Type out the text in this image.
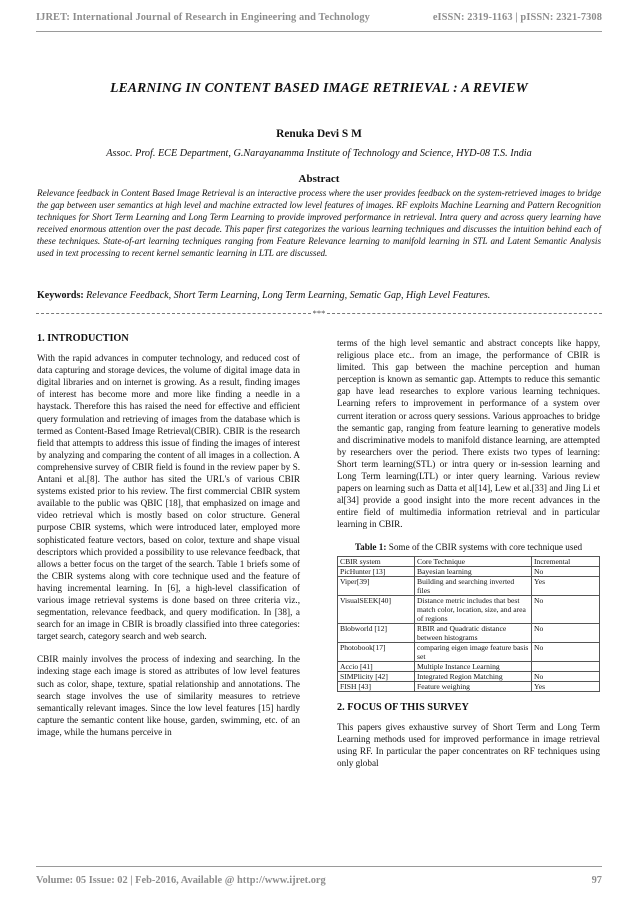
IJRET: International Journal of Research in Engineering and Technology	eISSN: 2319-1163 | pISSN: 2321-7308
LEARNING IN CONTENT BASED IMAGE RETRIEVAL : A REVIEW
Renuka Devi S M
Assoc. Prof. ECE Department, G.Narayanamma Institute of Technology and Science, HYD-08 T.S. India
Abstract
Relevance feedback in Content Based Image Retrieval is an interactive process where the user provides feedback on the system-retrieved images to bridge the gap between user semantics at high level and machine extracted low level features of images. RF exploits Machine Learning and Pattern Recognition techniques for Short Term Learning and Long Term Learning to provide improved performance in retrieval. Intra query and across query learning have received enormous attention over the past decade. This paper first categorizes the various learning techniques and discusses the intuition behind each of these techniques. State-of-art learning techniques ranging from Feature Relevance learning to manifold learning in STL and Latent Semantic Analysis used in text processing to recent kernel semantic learning in LTL are discussed.
Keywords: Relevance Feedback, Short Term Learning, Long Term Learning, Sematic Gap, High Level Features.
***
1. INTRODUCTION

With the rapid advances in computer technology, and reduced cost of data capturing and storage devices, the volume of digital image data in digital libraries and on internet is growing. As a result, finding images of interest has become more and more like finding a needle in a haystack. Therefore this has raised the need for effective and efficient query formulation and retrieving of images from the database which is termed as Content-Based Image Retrieval(CBIR). CBIR is the research field that attempts to address this issue of finding the images of interest by analyzing and comparing the content of all images in a collection. A comprehensive survey of CBIR field is found in the review paper by S. Antani et al.[8]. The author has sited the URL's of various CBIR systems existed prior to his review. The first commercial CBIR system available to the public was QBIC [18], that emphasized on image and video retrieval which is mostly based on color structure. General purpose CBIR systems, which were introduced later, employed more sophisticated feature vectors, based on color, texture and shape visual descriptors which provided a possibility to use relevance feedback, that allows a better focus on the target of the search. Table 1 briefs some of the CBIR systems along with core technique used and the feature of having incremental learning. In [6], a high-level classification of various image retrieval systems is done based on three criteria viz., segmentation, relevance feedback, and query modification. In [38], a search for an image in CBIR is broadly classified into three categories: target search, category search and web search.

CBIR mainly involves the process of indexing and searching. In the indexing stage each image is stored as attributes of low level features such as color, shape, texture, spatial relationship and annotations. The search stage involves the use of similarity measures to retrieve semantically relevant images. Since the low level features [15] hardly capture the semantic content like house, garden, swimming, etc. of an image, while the humans perceive in

terms of the high level semantic and abstract concepts like happy, religious place etc.. from an image, the performance of CBIR is limited. This gap between the machine perception and human perception is known as semantic gap. Attempts to reduce this semantic gap have lead researches to explore various learning techniques. Learning refers to improvement in performance of a system over current iteration or across query sessions. Various approaches to bridge the semantic gap, ranging from feature learning to generative models and discriminative models to manifold distance learning, are attempted by researchers over the period. There exists two types of learning: Short term learning(STL) or intra query or in-session learning and Long Term learning(LTL) or inter query learning. Various review papers on learning such as Datta et al[14], Lew et al.[33] and Jing Li et al[34] provide a good insight into the more recent advances in the entire field of multimedia information retrieval and in particular learning in CBIR.

Table 1: Some of the CBIR systems with core technique used
CBIR system	Core Technique	Incremental
PicHunter [13]	Bayesian learning	No
Viper[39]	Building and searching inverted files	Yes
VisualSEEK[40]	Distance metric includes that best match color, location, size, and area of regions	No
Blobworld [12]	RBIR and Quadratic distance between histograms	No
Photobook[17]	comparing eigen image feature basis set	No
Accio [41]	Multiple Instance Learning	
SIMPlicity [42]	Integrated Region Matching	No
FISH [43]	Feature weighing	Yes
2. FOCUS OF THIS SURVEY

This papers gives exhaustive survey of Short Term and Long Term Learning methods used for improved performance in image retrieval using RF. In particular the paper concentrates on RF techniques using only global

Volume: 05 Issue: 02 | Feb-2016, Available @ http://www.ijret.org	97
